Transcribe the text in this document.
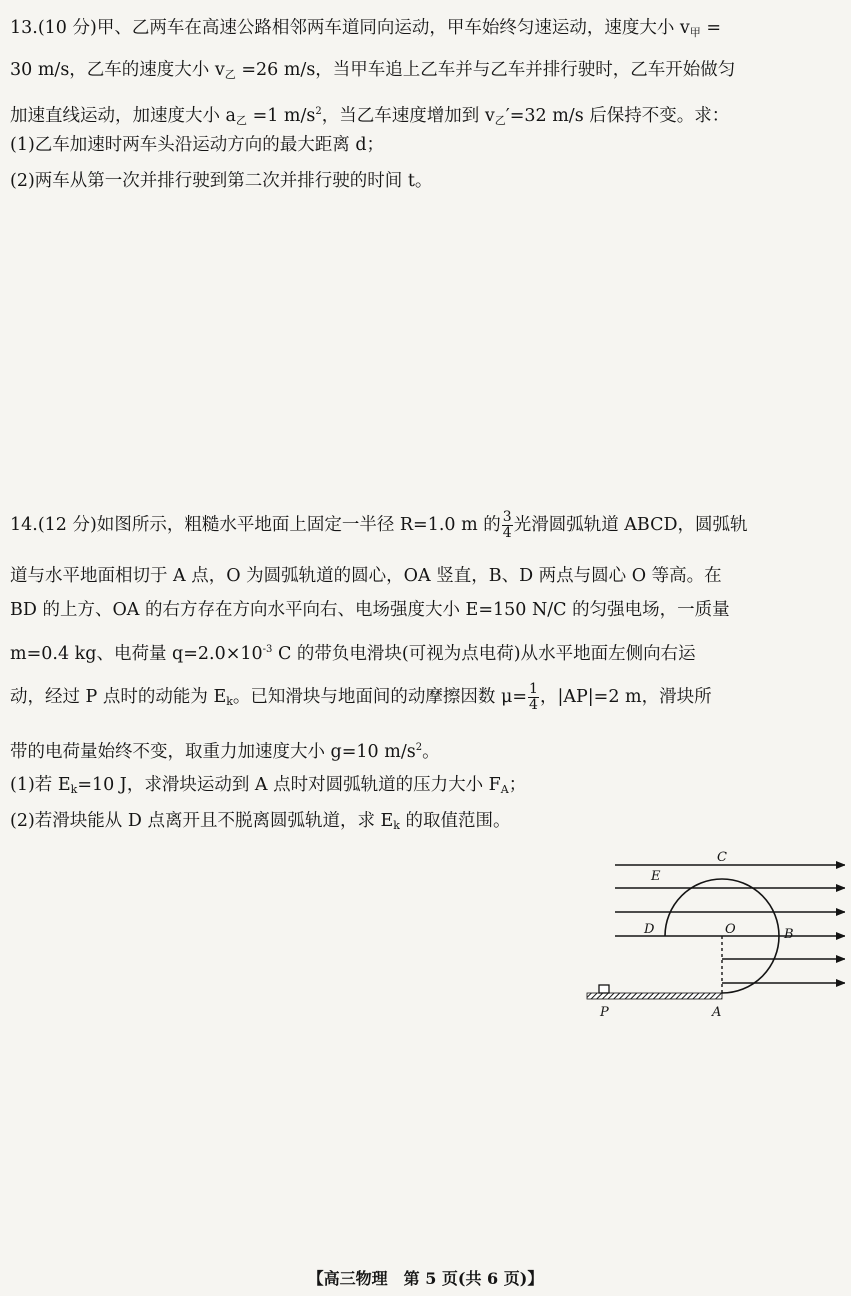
13.(10 分)甲、乙两车在高速公路相邻两车道同向运动，甲车始终匀速运动，速度大小 $v_甲$ =
30 m/s，乙车的速度大小 $v_乙 =26$ m/s，当甲车追上乙车并与乙车并排行驶时，乙车开始做匀
加速直线运动，加速度大小 $a_乙 =1$ $m/s^2$，当乙车速度增加到 $v_乙'=32$ m/s 后保持不变。求：
(1)乙车加速时两车头沿运动方向的最大距离 d；
(2)两车从第一次并排行驶到第二次并排行驶的时间 t。
14.(12 分)如图所示，粗糙水平地面上固定一半径 R=1.0 m 的 $\frac{3}{4}$ 光滑圆弧轨道 ABCD，圆弧轨
道与水平地面相切于 A 点，O 为圆弧轨道的圆心，OA 竖直，B、D 两点与圆心 O 等高。在
BD 的上方、OA 的右方存在方向水平向右、电场强度大小 E=150 N/C 的匀强电场，一质量
m=0.4 kg、电荷量 $q=2.0\times 10^{-3}$ C 的带负电滑块(可视为点电荷)从水平地面左侧向右运
动，经过 P 点时的动能为 $E_k$。已知滑块与地面间的动摩擦因数 $\mu= \frac{1}{4}$ ，|AP|=2 m，滑块所
带的电荷量始终不变，取重力加速度大小 g=10 $m/s^2$。
(1)若 $E_k=10$ J，求滑块运动到 A 点时对圆弧轨道的压力大小 $F_A$；
(2)若滑块能从 D 点离开且不脱离圆弧轨道，求 $E_k$ 的取值范围。
C
E
D	O	B
P	A
【高三物理　第 5 页(共 6 页)】
